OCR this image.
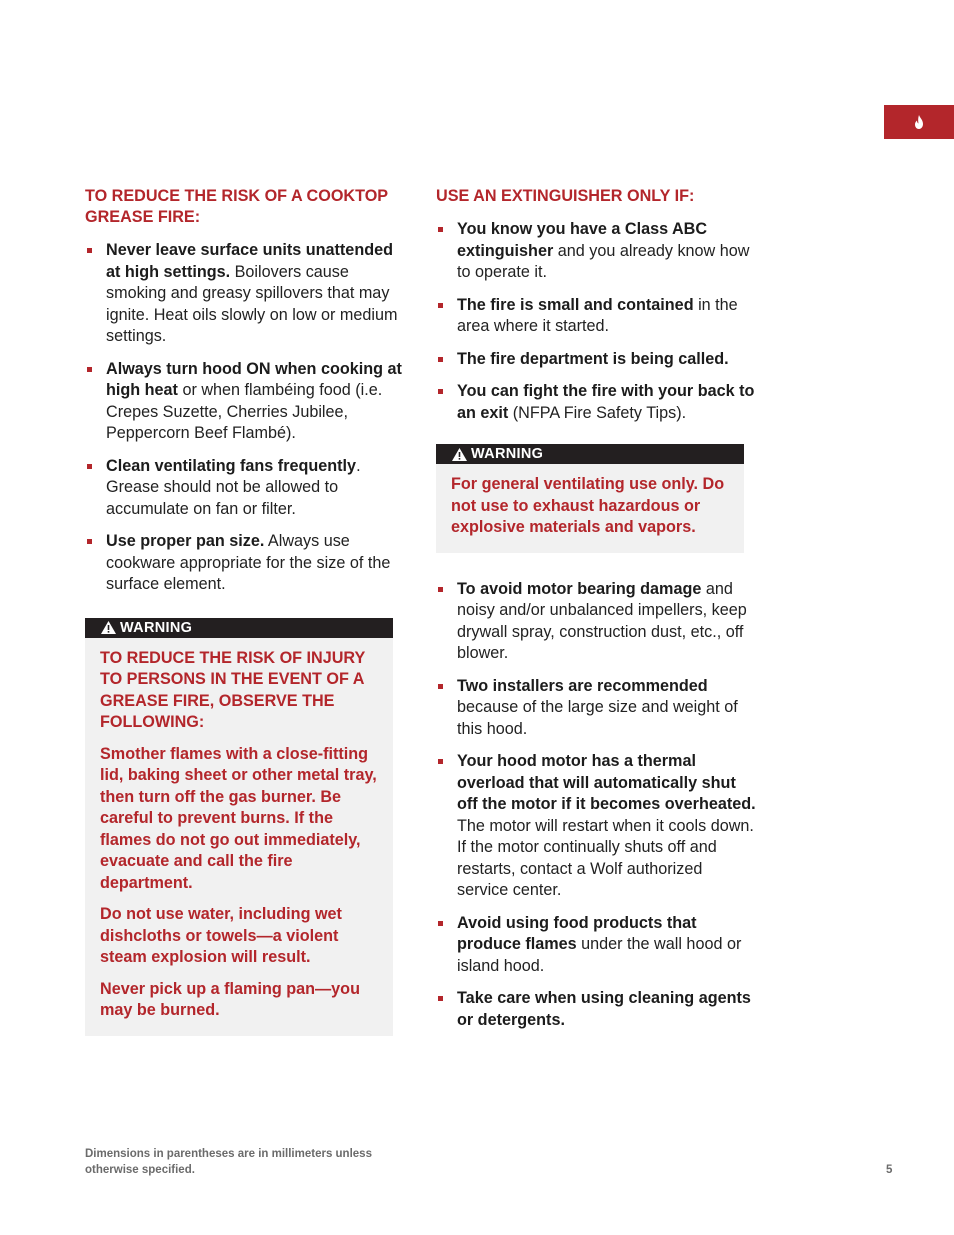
TO REDUCE THE RISK OF A COOKTOP GREASE FIRE:
Never leave surface units unattended at high settings. Boilovers cause smoking and greasy spillovers that may ignite. Heat oils slowly on low or medium settings.
Always turn hood ON when cooking at high heat or when flambéing food (i.e. Crepes Suzette, Cherries Jubilee, Peppercorn Beef Flambé).
Clean ventilating fans frequently. Grease should not be allowed to accumulate on fan or filter.
Use proper pan size. Always use cookware appropriate for the size of the surface element.
WARNING

TO REDUCE THE RISK OF INJURY TO PERSONS IN THE EVENT OF A GREASE FIRE, OBSERVE THE FOLLOWING:

Smother flames with a close-fitting lid, baking sheet or other metal tray, then turn off the gas burner. Be careful to prevent burns. If the flames do not go out immediately, evacuate and call the fire department.

Do not use water, including wet dishcloths or towels—a violent steam explosion will result.

Never pick up a flaming pan—you may be burned.

USE AN EXTINGUISHER ONLY IF:
You know you have a Class ABC extinguisher and you already know how to operate it.
The fire is small and contained in the area where it started.
The fire department is being called.
You can fight the fire with your back to an exit (NFPA Fire Safety Tips).
WARNING

For general ventilating use only. Do not use to exhaust hazardous or explosive materials and vapors.

To avoid motor bearing damage and noisy and/or unbalanced impellers, keep drywall spray, construction dust, etc., off blower.
Two installers are recommended because of the large size and weight of this hood.
Your hood motor has a thermal overload that will automatically shut off the motor if it becomes overheated. The motor will restart when it cools down. If the motor continually shuts off and restarts, contact a Wolf authorized service center.
Avoid using food products that produce flames under the wall hood or island hood.
Take care when using cleaning agents or detergents.
Dimensions in parentheses are in millimeters unless otherwise specified.	5
